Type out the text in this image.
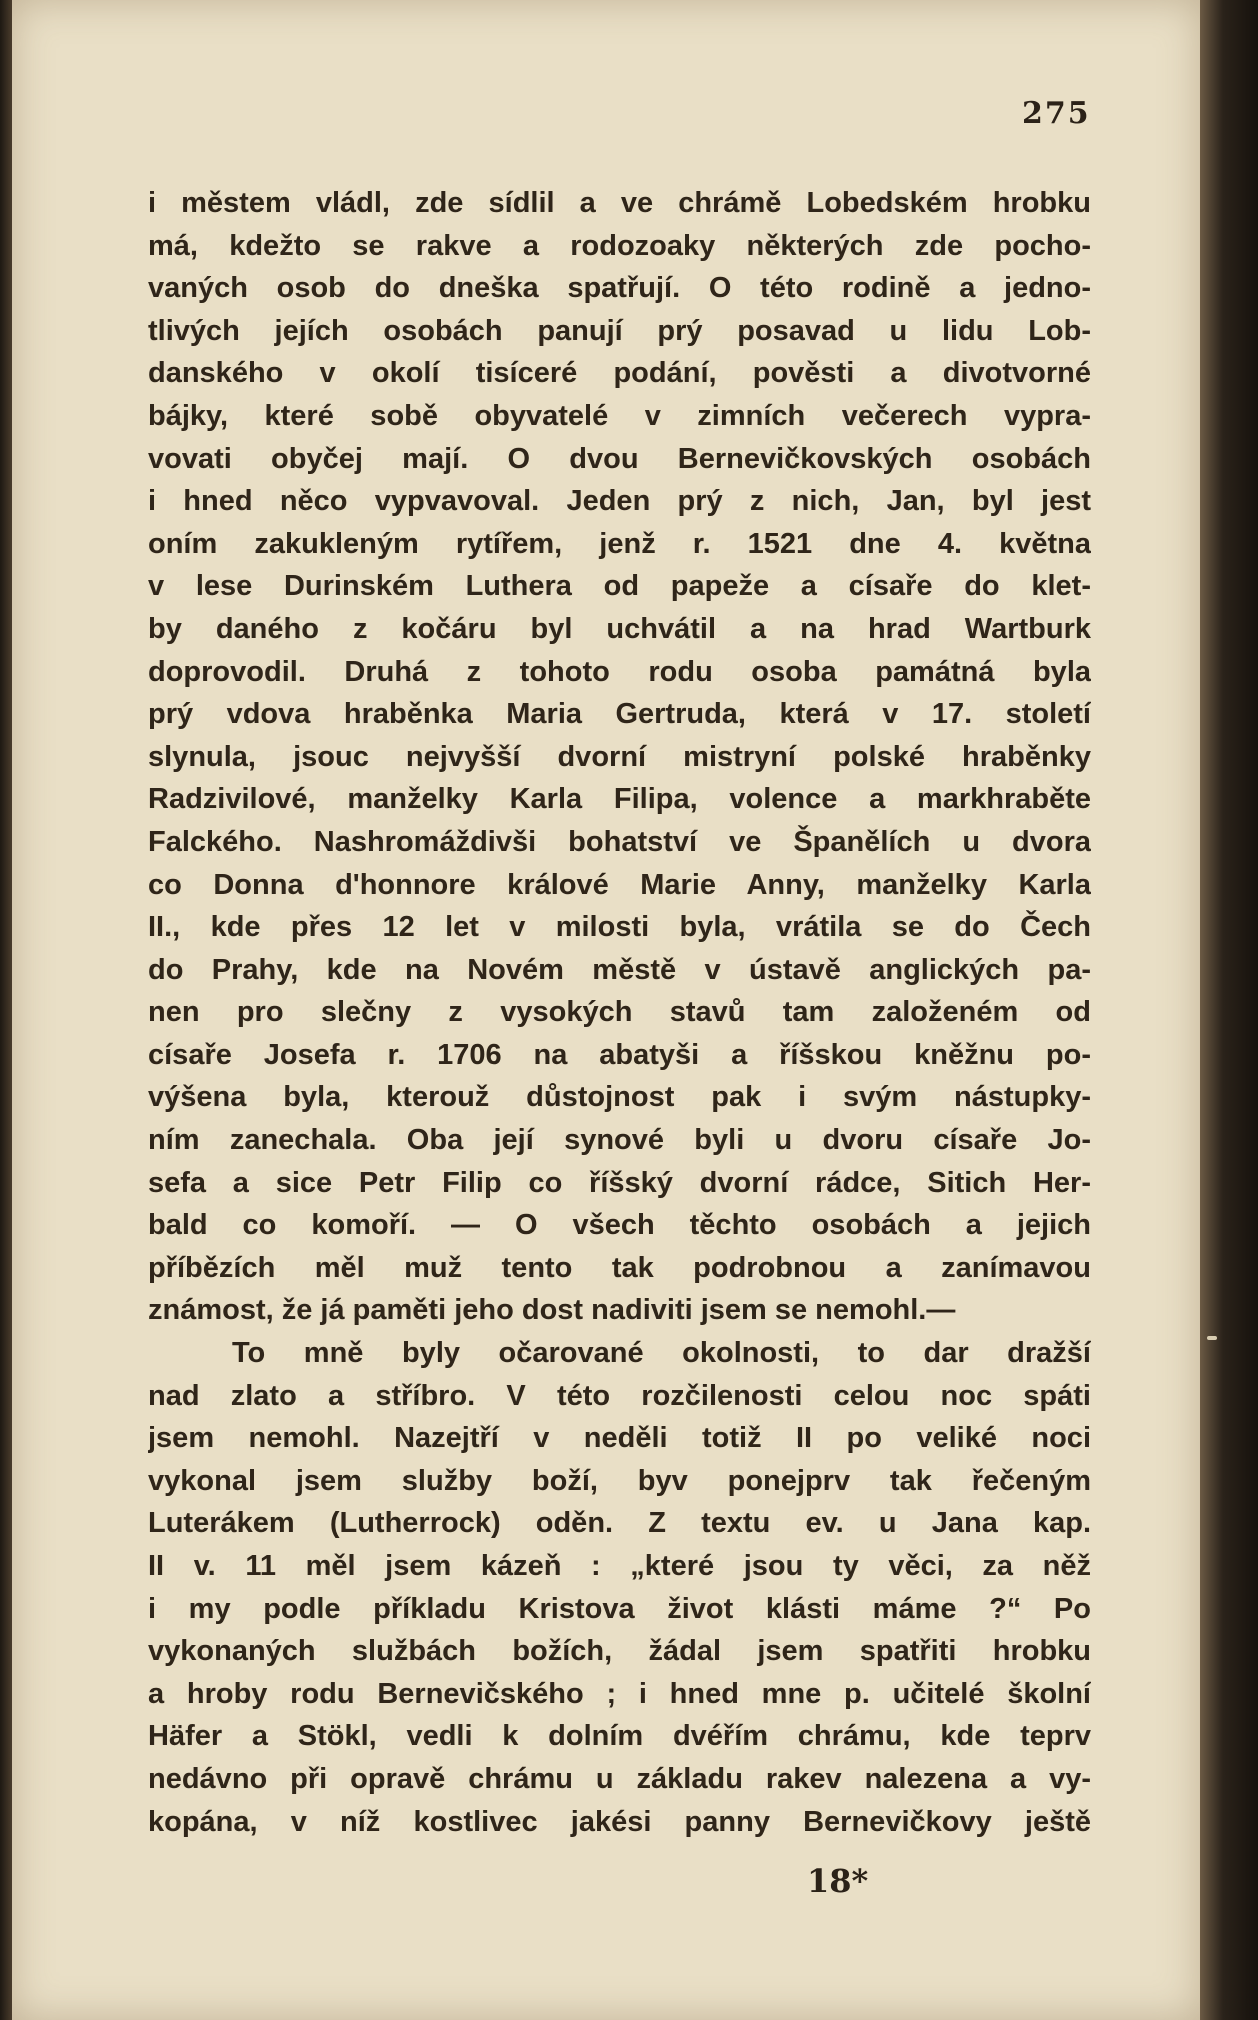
275
i městem vládl, zde sídlil a ve chrámě Lobedském hrobku
má, kdežto se rakve a rodozoaky některých zde pocho-
vaných osob do dneška spatřují. O této rodině a jedno-
tlivých jejích osobách panují prý posavad u lidu Lob-
danského v okolí tisíceré podání, pověsti a divotvorné
bájky, které sobě obyvatelé v zimních večerech vypra-
vovati obyčej mají. O dvou Bernevičkovských osobách
i hned něco vypvavoval. Jeden prý z nich, Jan, byl jest
oním zakukleným rytířem, jenž r. 1521 dne 4. května
v lese Durinském Luthera od papeže a císaře do klet-
by daného z kočáru byl uchvátil a na hrad Wartburk
doprovodil. Druhá z tohoto rodu osoba památná byla
prý vdova hraběnka Maria Gertruda, která v 17. století
slynula, jsouc nejvyšší dvorní mistryní polské hraběnky
Radzivilové, manželky Karla Filipa, volence a markhraběte
Falckého. Nashromáždivši bohatství ve Španělích u dvora
co Donna d'honnore králové Marie Anny, manželky Karla
II., kde přes 12 let v milosti byla, vrátila se do Čech
do Prahy, kde na Novém městě v ústavě anglických pa-
nen pro slečny z vysokých stavů tam založeném od
císaře Josefa r. 1706 na abatyši a říšskou kněžnu po-
výšena byla, kterouž důstojnost pak i svým nástupky-
ním zanechala. Oba její synové byli u dvoru císaře Jo-
sefa a sice Petr Filip co říšský dvorní rádce, Sitich Her-
bald co komoří. — O všech těchto osobách a jejich
příbězích měl muž tento tak podrobnou a zanímavou
známost, že já paměti jeho dost nadiviti jsem se nemohl.—
To mně byly očarované okolnosti, to dar dražší
nad zlato a stříbro. V této rozčilenosti celou noc spáti
jsem nemohl. Nazejtří v neděli totiž II po veliké noci
vykonal jsem služby boží, byv ponejprv tak řečeným
Luterákem (Lutherrock) oděn. Z textu ev. u Jana kap.
II v. 11 měl jsem kázeň : „které jsou ty věci, za něž
i my podle příkladu Kristova život klásti máme ?“ Po
vykonaných službách božích, žádal jsem spatřiti hrobku
a hroby rodu Bernevičského ; i hned mne p. učitelé školní
Häfer a Stökl, vedli k dolním dvéřím chrámu, kde teprv
nedávno při opravě chrámu u základu rakev nalezena a vy-
kopána, v níž kostlivec jakési panny Bernevičkovy ještě
18*
